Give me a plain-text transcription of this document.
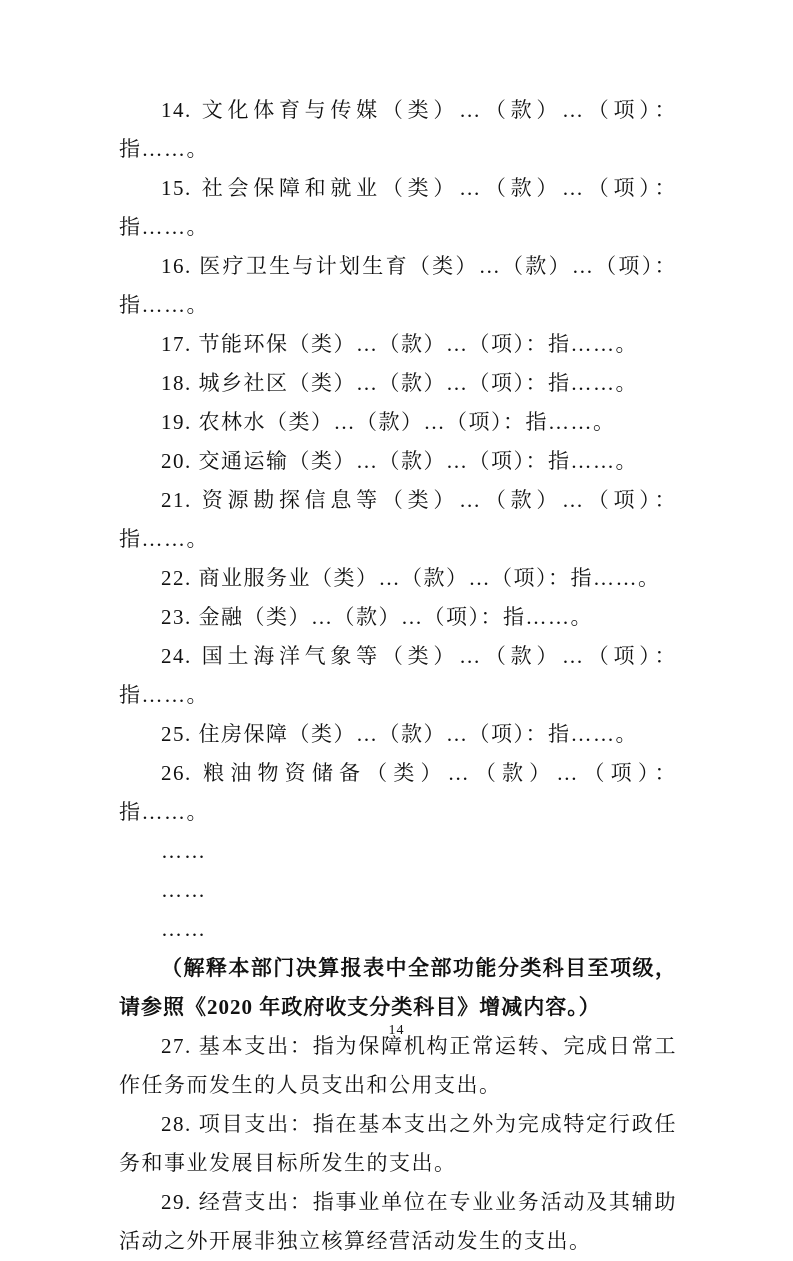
14. 文化体育与传媒（类）…（款）…（项）：指……。

15. 社会保障和就业（类）…（款）…（项）：指……。

16. 医疗卫生与计划生育（类）…（款）…（项）：指……。

17. 节能环保（类）…（款）…（项）：指……。

18. 城乡社区（类）…（款）…（项）：指……。

19. 农林水（类）…（款）…（项）：指……。

20. 交通运输（类）…（款）…（项）：指……。

21. 资源勘探信息等（类）…（款）…（项）：指……。

22. 商业服务业（类）…（款）…（项）：指……。

23. 金融（类）…（款）…（项）：指……。

24. 国土海洋气象等（类）…（款）…（项）：指……。

25. 住房保障（类）…（款）…（项）：指……。

26. 粮油物资储备（类）…（款）…（项）：指……。

……

……

……

（解释本部门决算报表中全部功能分类科目至项级，请参照《2020 年政府收支分类科目》增减内容。）

27. 基本支出：指为保障机构正常运转、完成日常工作任务而发生的人员支出和公用支出。

28. 项目支出：指在基本支出之外为完成特定行政任务和事业发展目标所发生的支出。

29. 经营支出：指事业单位在专业业务活动及其辅助活动之外开展非独立核算经营活动发生的支出。

14
